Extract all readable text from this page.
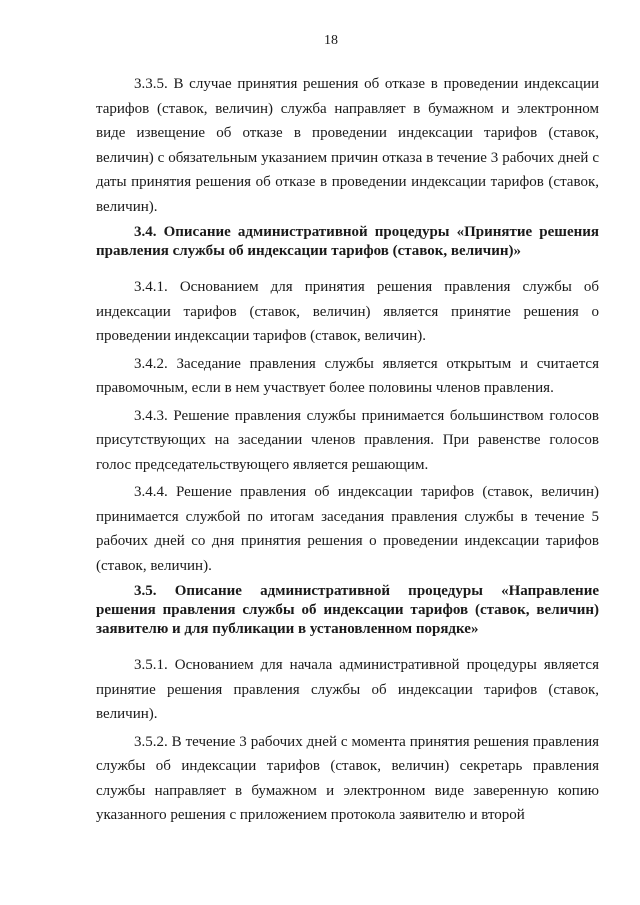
18

3.3.5. В случае принятия решения об отказе в проведении индексации тарифов (ставок, величин) служба направляет в бумажном и электронном виде извещение об отказе в проведении индексации тарифов (ставок, величин) с обязательным указанием причин отказа в течение 3 рабочих дней с даты принятия решения об отказе в проведении индексации тарифов (ставок, величин).

3.4. Описание административной процедуры «Принятие решения правления службы об индексации тарифов (ставок, величин)»

3.4.1. Основанием для принятия решения правления службы об индексации тарифов (ставок, величин) является принятие решения о проведении индексации тарифов (ставок, величин).

3.4.2. Заседание правления службы является открытым и считается правомочным, если в нем участвует более половины членов правления.

3.4.3. Решение правления службы принимается большинством голосов присутствующих на заседании членов правления. При равенстве голосов голос председательствующего является решающим.

3.4.4. Решение правления об индексации тарифов (ставок, величин) принимается службой по итогам заседания правления службы в течение 5 рабочих дней со дня принятия решения о проведении индексации тарифов (ставок, величин).

3.5. Описание административной процедуры «Направление решения правления службы об индексации тарифов (ставок, величин) заявителю и для публикации в установленном порядке»

3.5.1. Основанием для начала административной процедуры является принятие решения правления службы об индексации тарифов (ставок, величин).

3.5.2. В течение 3 рабочих дней с момента принятия решения правления службы об индексации тарифов (ставок, величин) секретарь правления службы направляет в бумажном и электронном виде заверенную копию указанного решения с приложением протокола заявителю и второй
